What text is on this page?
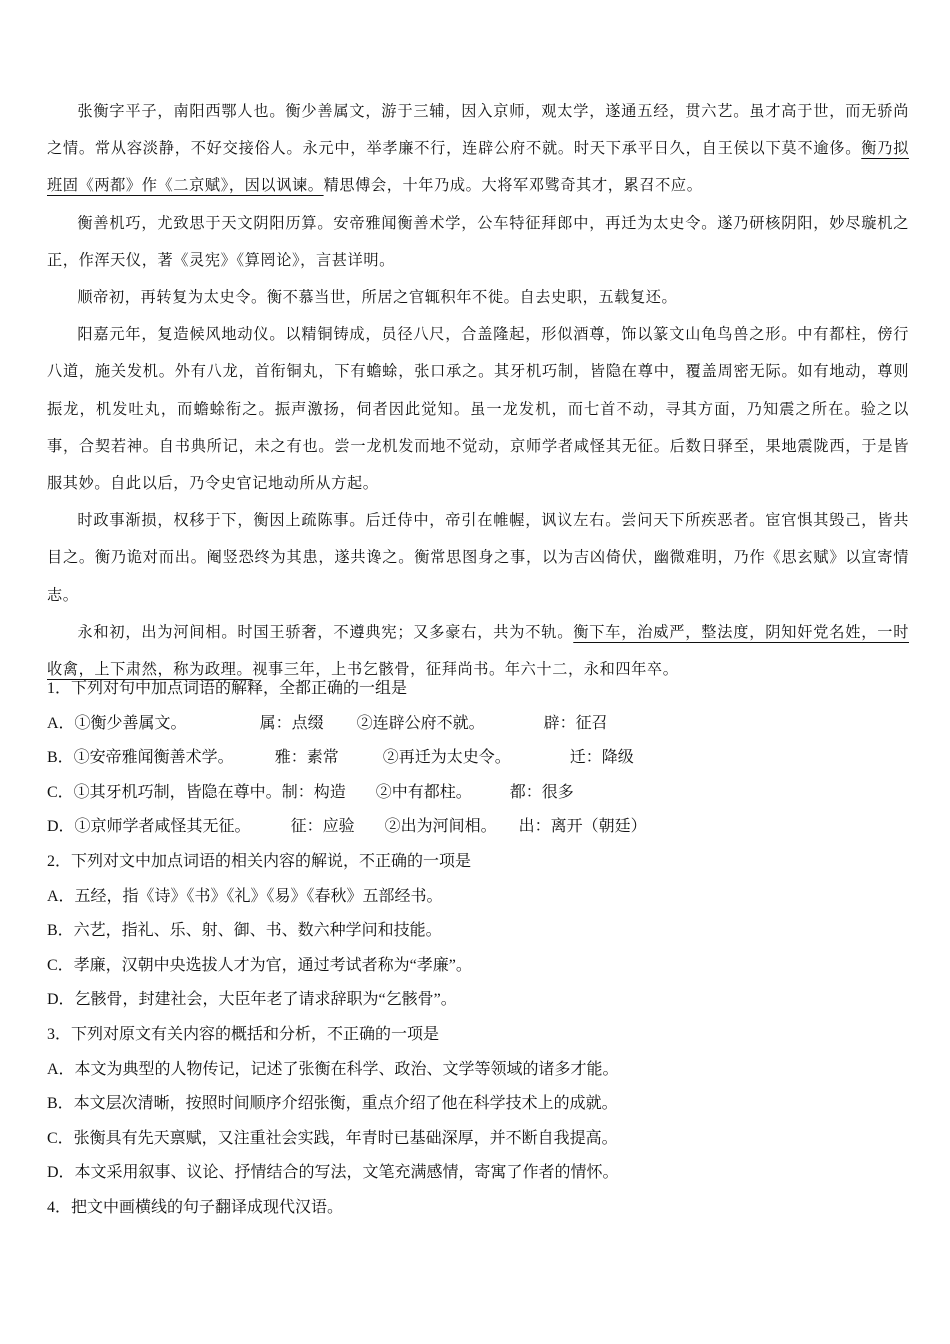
张衡字平子，南阳西鄂人也。衡少善属文，游于三辅，因入京师，观太学，遂通五经，贯六艺。虽才高于世，而无骄尚之情。常从容淡静，不好交接俗人。永元中，举孝廉不行，连辟公府不就。时天下承平日久，自王侯以下莫不逾侈。衡乃拟班固《两都》作《二京赋》，因以讽谏。精思傅会，十年乃成。大将军邓骘奇其才，累召不应。

衡善机巧，尤致思于天文阴阳历算。安帝雅闻衡善术学，公车特征拜郎中，再迁为太史令。遂乃研核阴阳，妙尽璇机之正，作浑天仪，著《灵宪》《算罔论》，言甚详明。

顺帝初，再转复为太史令。衡不慕当世，所居之官辄积年不徙。自去史职，五载复还。

阳嘉元年，复造候风地动仪。以精铜铸成，员径八尺，合盖隆起，形似酒尊，饰以篆文山龟鸟兽之形。中有都柱，傍行八道，施关发机。外有八龙，首衔铜丸，下有蟾蜍，张口承之。其牙机巧制，皆隐在尊中，覆盖周密无际。如有地动，尊则振龙，机发吐丸，而蟾蜍衔之。振声激扬，伺者因此觉知。虽一龙发机，而七首不动，寻其方面，乃知震之所在。验之以事，合契若神。自书典所记，未之有也。尝一龙机发而地不觉动，京师学者咸怪其无征。后数日驿至，果地震陇西，于是皆服其妙。自此以后，乃令史官记地动所从方起。

时政事渐损，权移于下，衡因上疏陈事。后迁侍中，帝引在帷幄，讽议左右。尝问天下所疾恶者。宦官惧其毁己，皆共目之。衡乃诡对而出。阉竖恐终为其患，遂共谗之。衡常思图身之事，以为吉凶倚伏，幽微难明，乃作《思玄赋》以宣寄情志。

永和初，出为河间相。时国王骄奢，不遵典宪；又多豪右，共为不轨。衡下车，治威严，整法度，阴知奸党名姓，一时收禽，上下肃然，称为政理。视事三年，上书乞骸骨，征拜尚书。年六十二，永和四年卒。

1．下列对句中加点词语的解释，全都正确的一组是
A．①衡少善属文。	属：点缀 ②连辟公府不就。	辟：征召
B．①安帝雅闻衡善术学。	雅：素常	②再迁为太史令。	迁：降级
C．①其牙机巧制，皆隐在尊中。制：构造 ②中有都柱。 都：很多
D．①京师学者咸怪其无征。	征：应验 ②出为河间相。 出：离开（朝廷）
2．下列对文中加点词语的相关内容的解说，不正确的一项是
A．五经，指《诗》《书》《礼》《易》《春秋》五部经书。
B．六艺，指礼、乐、射、御、书、数六种学问和技能。
C．孝廉，汉朝中央选拔人才为官，通过考试者称为“孝廉”。
D．乞骸骨，封建社会，大臣年老了请求辞职为“乞骸骨”。
3．下列对原文有关内容的概括和分析，不正确的一项是
A．本文为典型的人物传记，记述了张衡在科学、政治、文学等领域的诸多才能。
B．本文层次清晰，按照时间顺序介绍张衡，重点介绍了他在科学技术上的成就。
C．张衡具有先天禀赋，又注重社会实践，年青时已基础深厚，并不断自我提高。
D．本文采用叙事、议论、抒情结合的写法，文笔充满感情，寄寓了作者的情怀。
4．把文中画横线的句子翻译成现代汉语。
